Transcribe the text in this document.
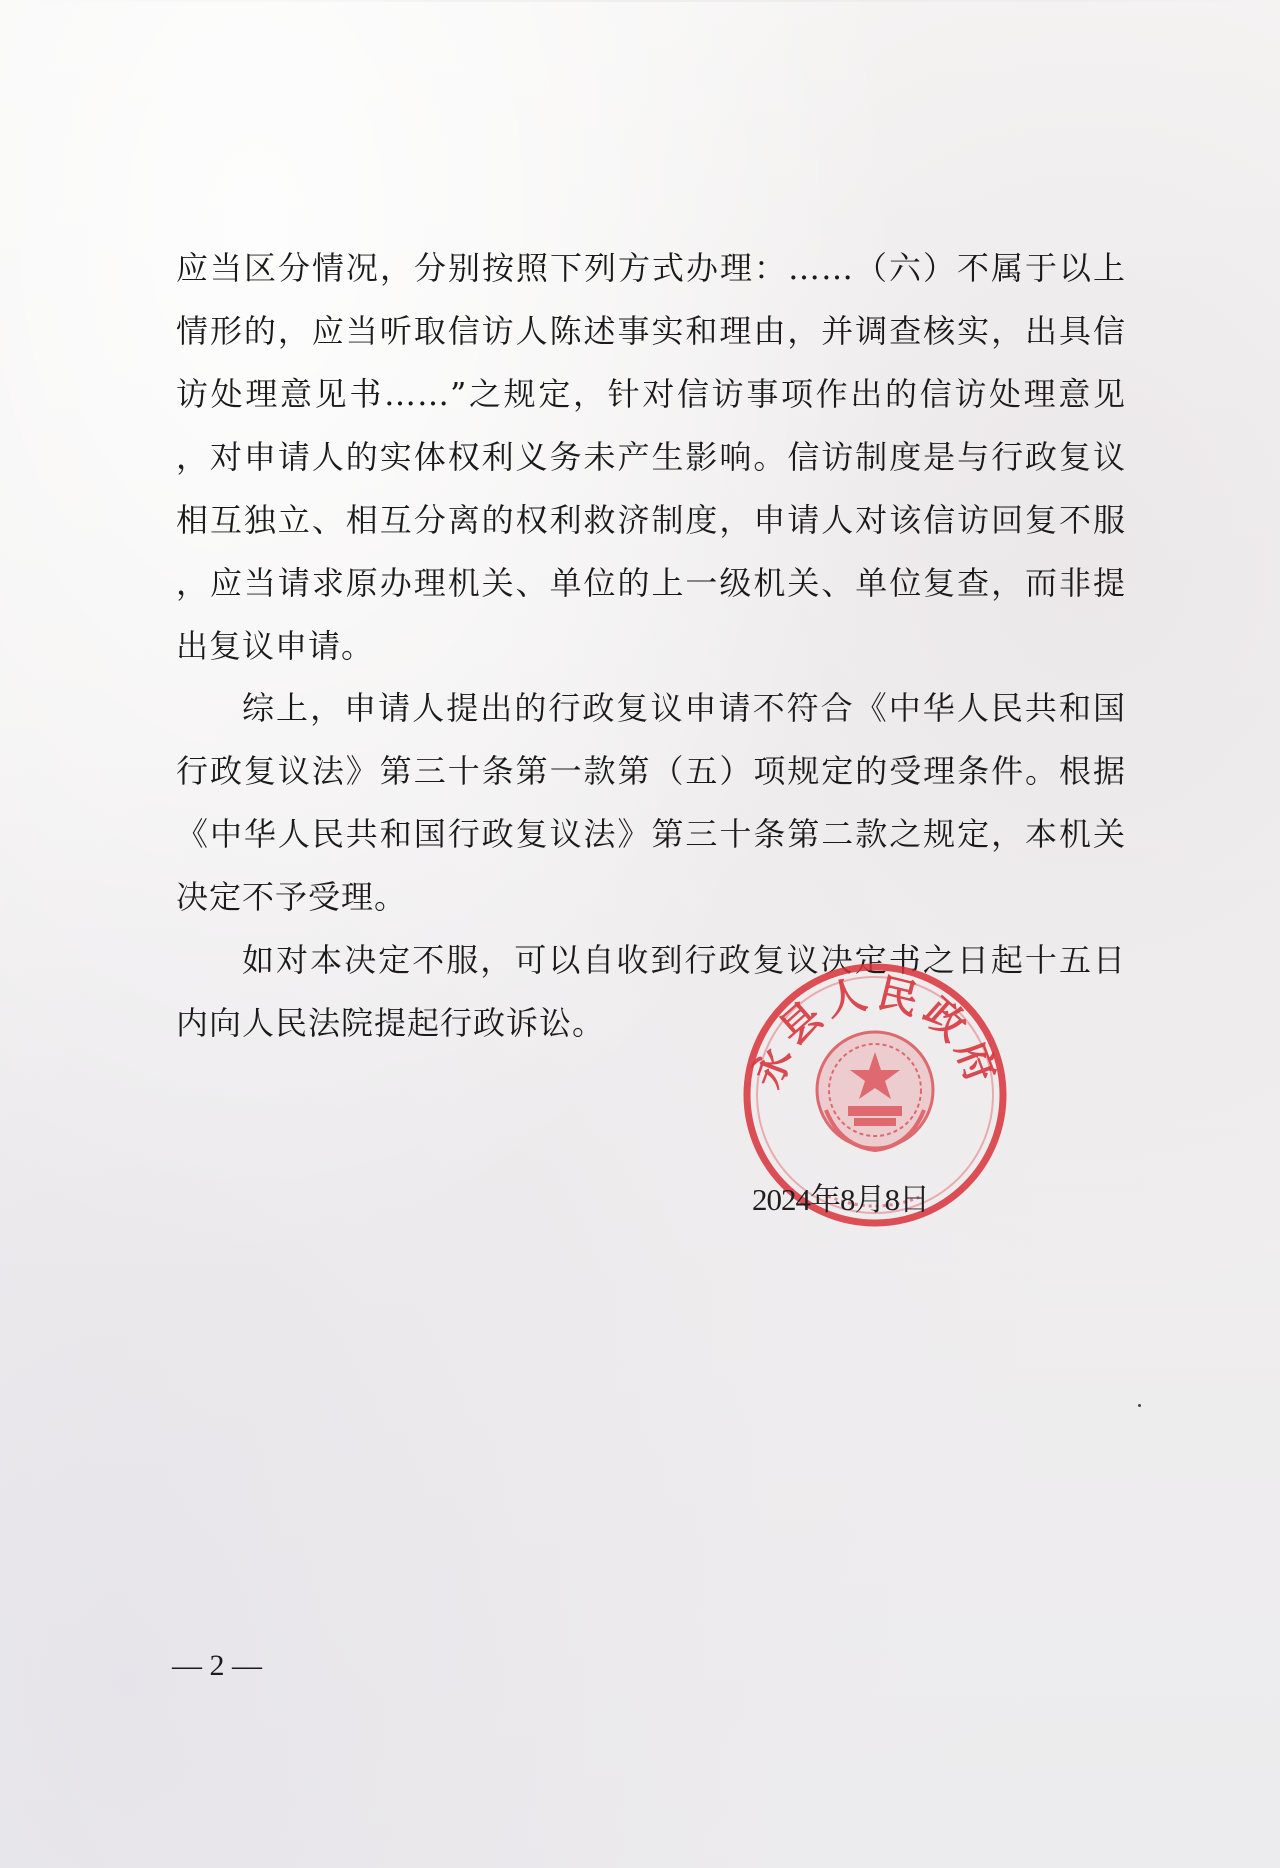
应当区分情况，分别按照下列方式办理：……（六）不属于以上
情形的，应当听取信访人陈述事实和理由，并调查核实，出具信
访处理意见书……”之规定，针对信访事项作出的信访处理意见
，对申请人的实体权利义务未产生影响。信访制度是与行政复议
相互独立、相互分离的权利救济制度，申请人对该信访回复不服
，应当请求原办理机关、单位的上一级机关、单位复查，而非提
出复议申请。
综上，申请人提出的行政复议申请不符合《中华人民共和国
行政复议法》第三十条第一款第（五）项规定的受理条件。根据
《中华人民共和国行政复议法》第三十条第二款之规定，本机关
决定不予受理。
如对本决定不服，可以自收到行政复议决定书之日起十五日
内向人民法院提起行政诉讼。
永县人民政府
2024年8月8日
— 2 —
